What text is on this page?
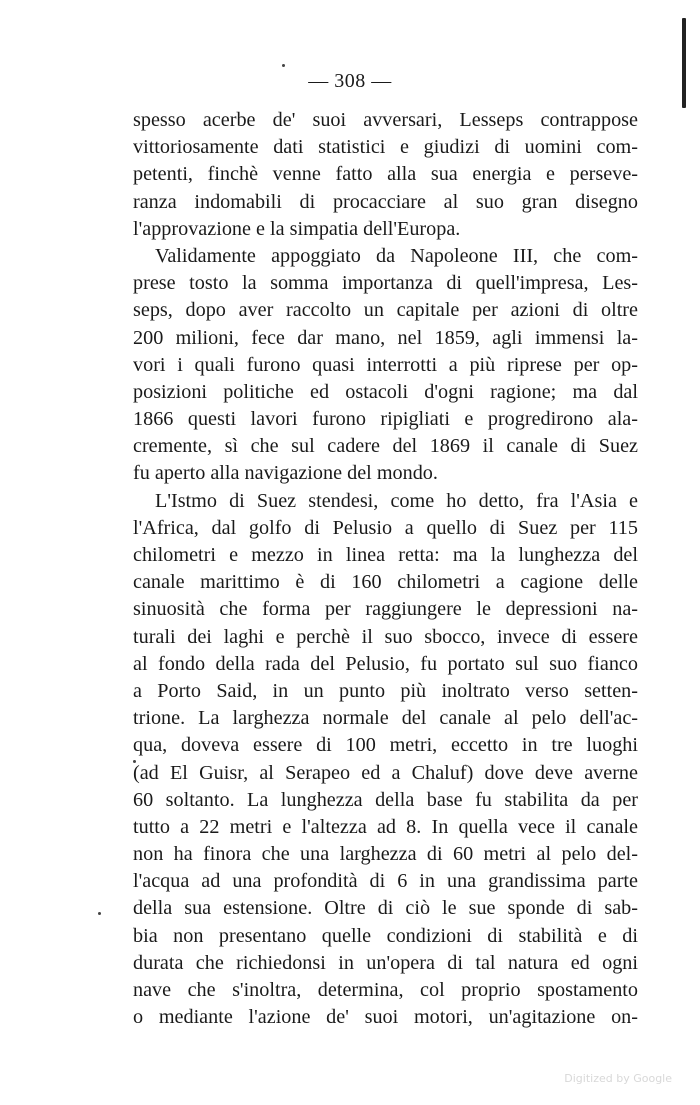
— 308 —
spesso acerbe de' suoi avversari, Lesseps contrappose
vittoriosamente dati statistici e giudizi di uomini com-
petenti, finchè venne fatto alla sua energia e perseve-
ranza indomabili di procacciare al suo gran disegno
l'approvazione e la simpatia dell'Europa.
Validamente appoggiato da Napoleone III, che com-
prese tosto la somma importanza di quell'impresa, Les-
seps, dopo aver raccolto un capitale per azioni di oltre
200 milioni, fece dar mano, nel 1859, agli immensi la-
vori i quali furono quasi interrotti a più riprese per op-
posizioni politiche ed ostacoli d'ogni ragione; ma dal
1866 questi lavori furono ripigliati e progredirono ala-
cremente, sì che sul cadere del 1869 il canale di Suez
fu aperto alla navigazione del mondo.
L'Istmo di Suez stendesi, come ho detto, fra l'Asia e
l'Africa, dal golfo di Pelusio a quello di Suez per 115
chilometri e mezzo in linea retta: ma la lunghezza del
canale marittimo è di 160 chilometri a cagione delle
sinuosità che forma per raggiungere le depressioni na-
turali dei laghi e perchè il suo sbocco, invece di essere
al fondo della rada del Pelusio, fu portato sul suo fianco
a Porto Said, in un punto più inoltrato verso setten-
trione. La larghezza normale del canale al pelo dell'ac-
qua, doveva essere di 100 metri, eccetto in tre luoghi
(ad El Guisr, al Serapeo ed a Chaluf) dove deve averne
60 soltanto. La lunghezza della base fu stabilita da per
tutto a 22 metri e l'altezza ad 8. In quella vece il canale
non ha finora che una larghezza di 60 metri al pelo del-
l'acqua ad una profondità di 6 in una grandissima parte
della sua estensione. Oltre di ciò le sue sponde di sab-
bia non presentano quelle condizioni di stabilità e di
durata che richiedonsi in un'opera di tal natura ed ogni
nave che s'inoltra, determina, col proprio spostamento
o mediante l'azione de' suoi motori, un'agitazione on-
Digitized by Google
